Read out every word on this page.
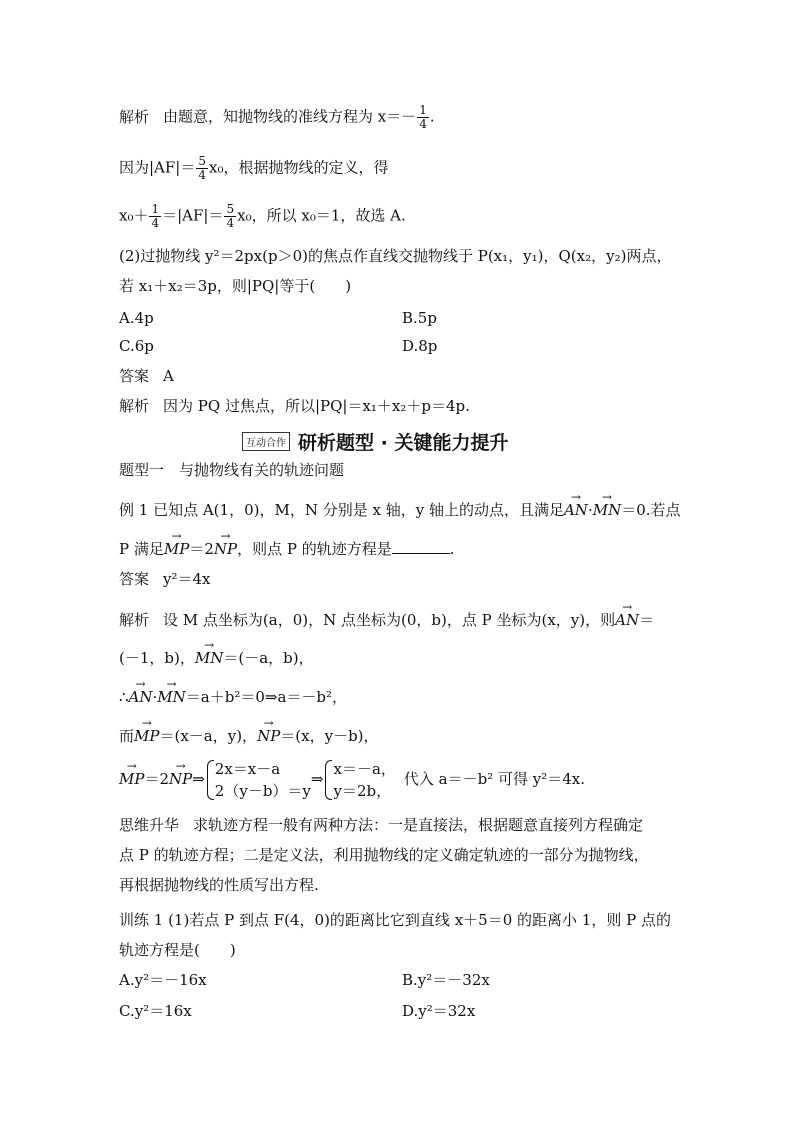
解析 由题意，知抛物线的准线方程为 $x=- \frac{1}{4}$ .
因为$|AF|= \frac{5}{4} x_0$，根据抛物线的定义，得
$x_0+ \frac{1}{4} =|AF|= \frac{5}{4} x_0$，所以 x₀＝1，故选 A.
(2)过抛物线 y²＝2px(p＞0)的焦点作直线交抛物线于 P(x₁，y₁)，Q(x₂，y₂)两点，
若 x₁＋x₂＝3p，则|PQ|等于(　　)
A.4p	B.5p
C.6p	D.8p
答案 A
解析 因为 PQ 过焦点，所以|PQ|＝x₁＋x₂＋p＝4p.
互动合作 研析题型 · 关键能力提升
题型一　与抛物线有关的轨迹问题
例 1 已知点 A(1，0)，M，N 分别是 x 轴，y 轴上的动点，且满足→ AN·→ MN＝0.若点
P 满足→ MP＝2→ NP，则点 P 的轨迹方程是	.
答案 y²＝4x
解析 设 M 点坐标为(a，0)，N 点坐标为(0，b)，点 P 坐标为(x，y)，则→ AN＝
(－1，b)，→ MN＝(－a，b)，
∴→ AN·→ MN＝a＋b²＝0⇒a＝－b²，
而→ MP＝(x－a，y)，→ NP＝(x，y－b)，
→ MP＝2→ NP⇒
2x＝x－a
2（y－b）＝y
⇒
x＝－a，
y＝2b，
代入 a＝－b² 可得 y²＝4x.
思维升华 求轨迹方程一般有两种方法：一是直接法，根据题意直接列方程确定
点 P 的轨迹方程；二是定义法，利用抛物线的定义确定轨迹的一部分为抛物线，
再根据抛物线的性质写出方程.
训练 1 (1)若点 P 到点 F(4，0)的距离比它到直线 x＋5＝0 的距离小 1，则 P 点的
轨迹方程是(　　)
A.y²＝－16x	B.y²＝－32x
C.y²＝16x	D.y²＝32x
